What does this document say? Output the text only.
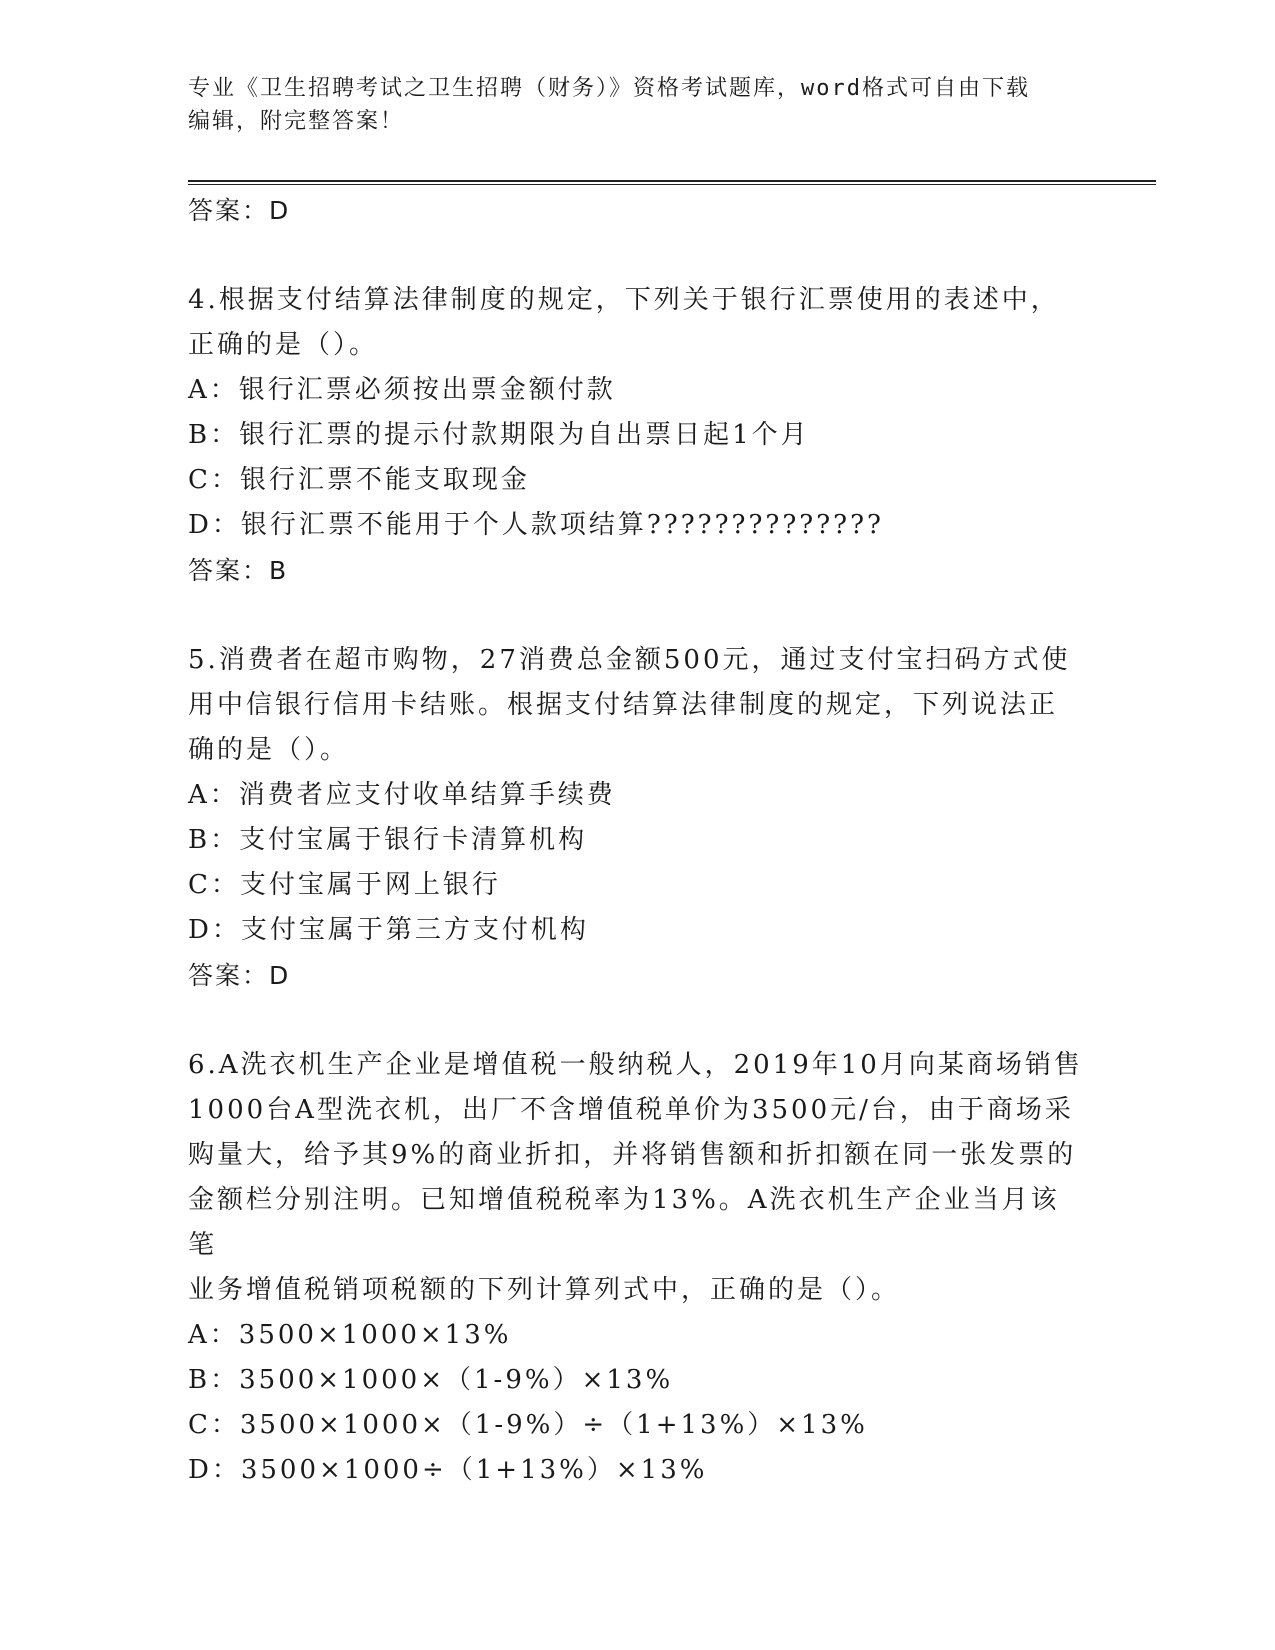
专业《卫生招聘考试之卫生招聘（财务）》资格考试题库，word格式可自由下载
编辑，附完整答案！
答案：D
4.根据支付结算法律制度的规定，下列关于银行汇票使用的表述中，
正确的是（）。
A：银行汇票必须按出票金额付款
B：银行汇票的提示付款期限为自出票日起1个月
C：银行汇票不能支取现金
D：银行汇票不能用于个人款项结算??????????????
答案：B
5.消费者在超市购物，27消费总金额500元，通过支付宝扫码方式使
用中信银行信用卡结账。根据支付结算法律制度的规定，下列说法正
确的是（）。
A：消费者应支付收单结算手续费
B：支付宝属于银行卡清算机构
C：支付宝属于网上银行
D：支付宝属于第三方支付机构
答案：D
6.A洗衣机生产企业是增值税一般纳税人，2019年10月向某商场销售
1000台A型洗衣机，出厂不含增值税单价为3500元/台，由于商场采
购量大，给予其9%的商业折扣，并将销售额和折扣额在同一张发票的
金额栏分别注明。已知增值税税率为13%。A洗衣机生产企业当月该笔
业务增值税销项税额的下列计算列式中，正确的是（）。
A：3500×1000×13%
B：3500×1000×（1-9%）×13%
C：3500×1000×（1-9%）÷（1+13%）×13%
D：3500×1000÷（1+13%）×13%
